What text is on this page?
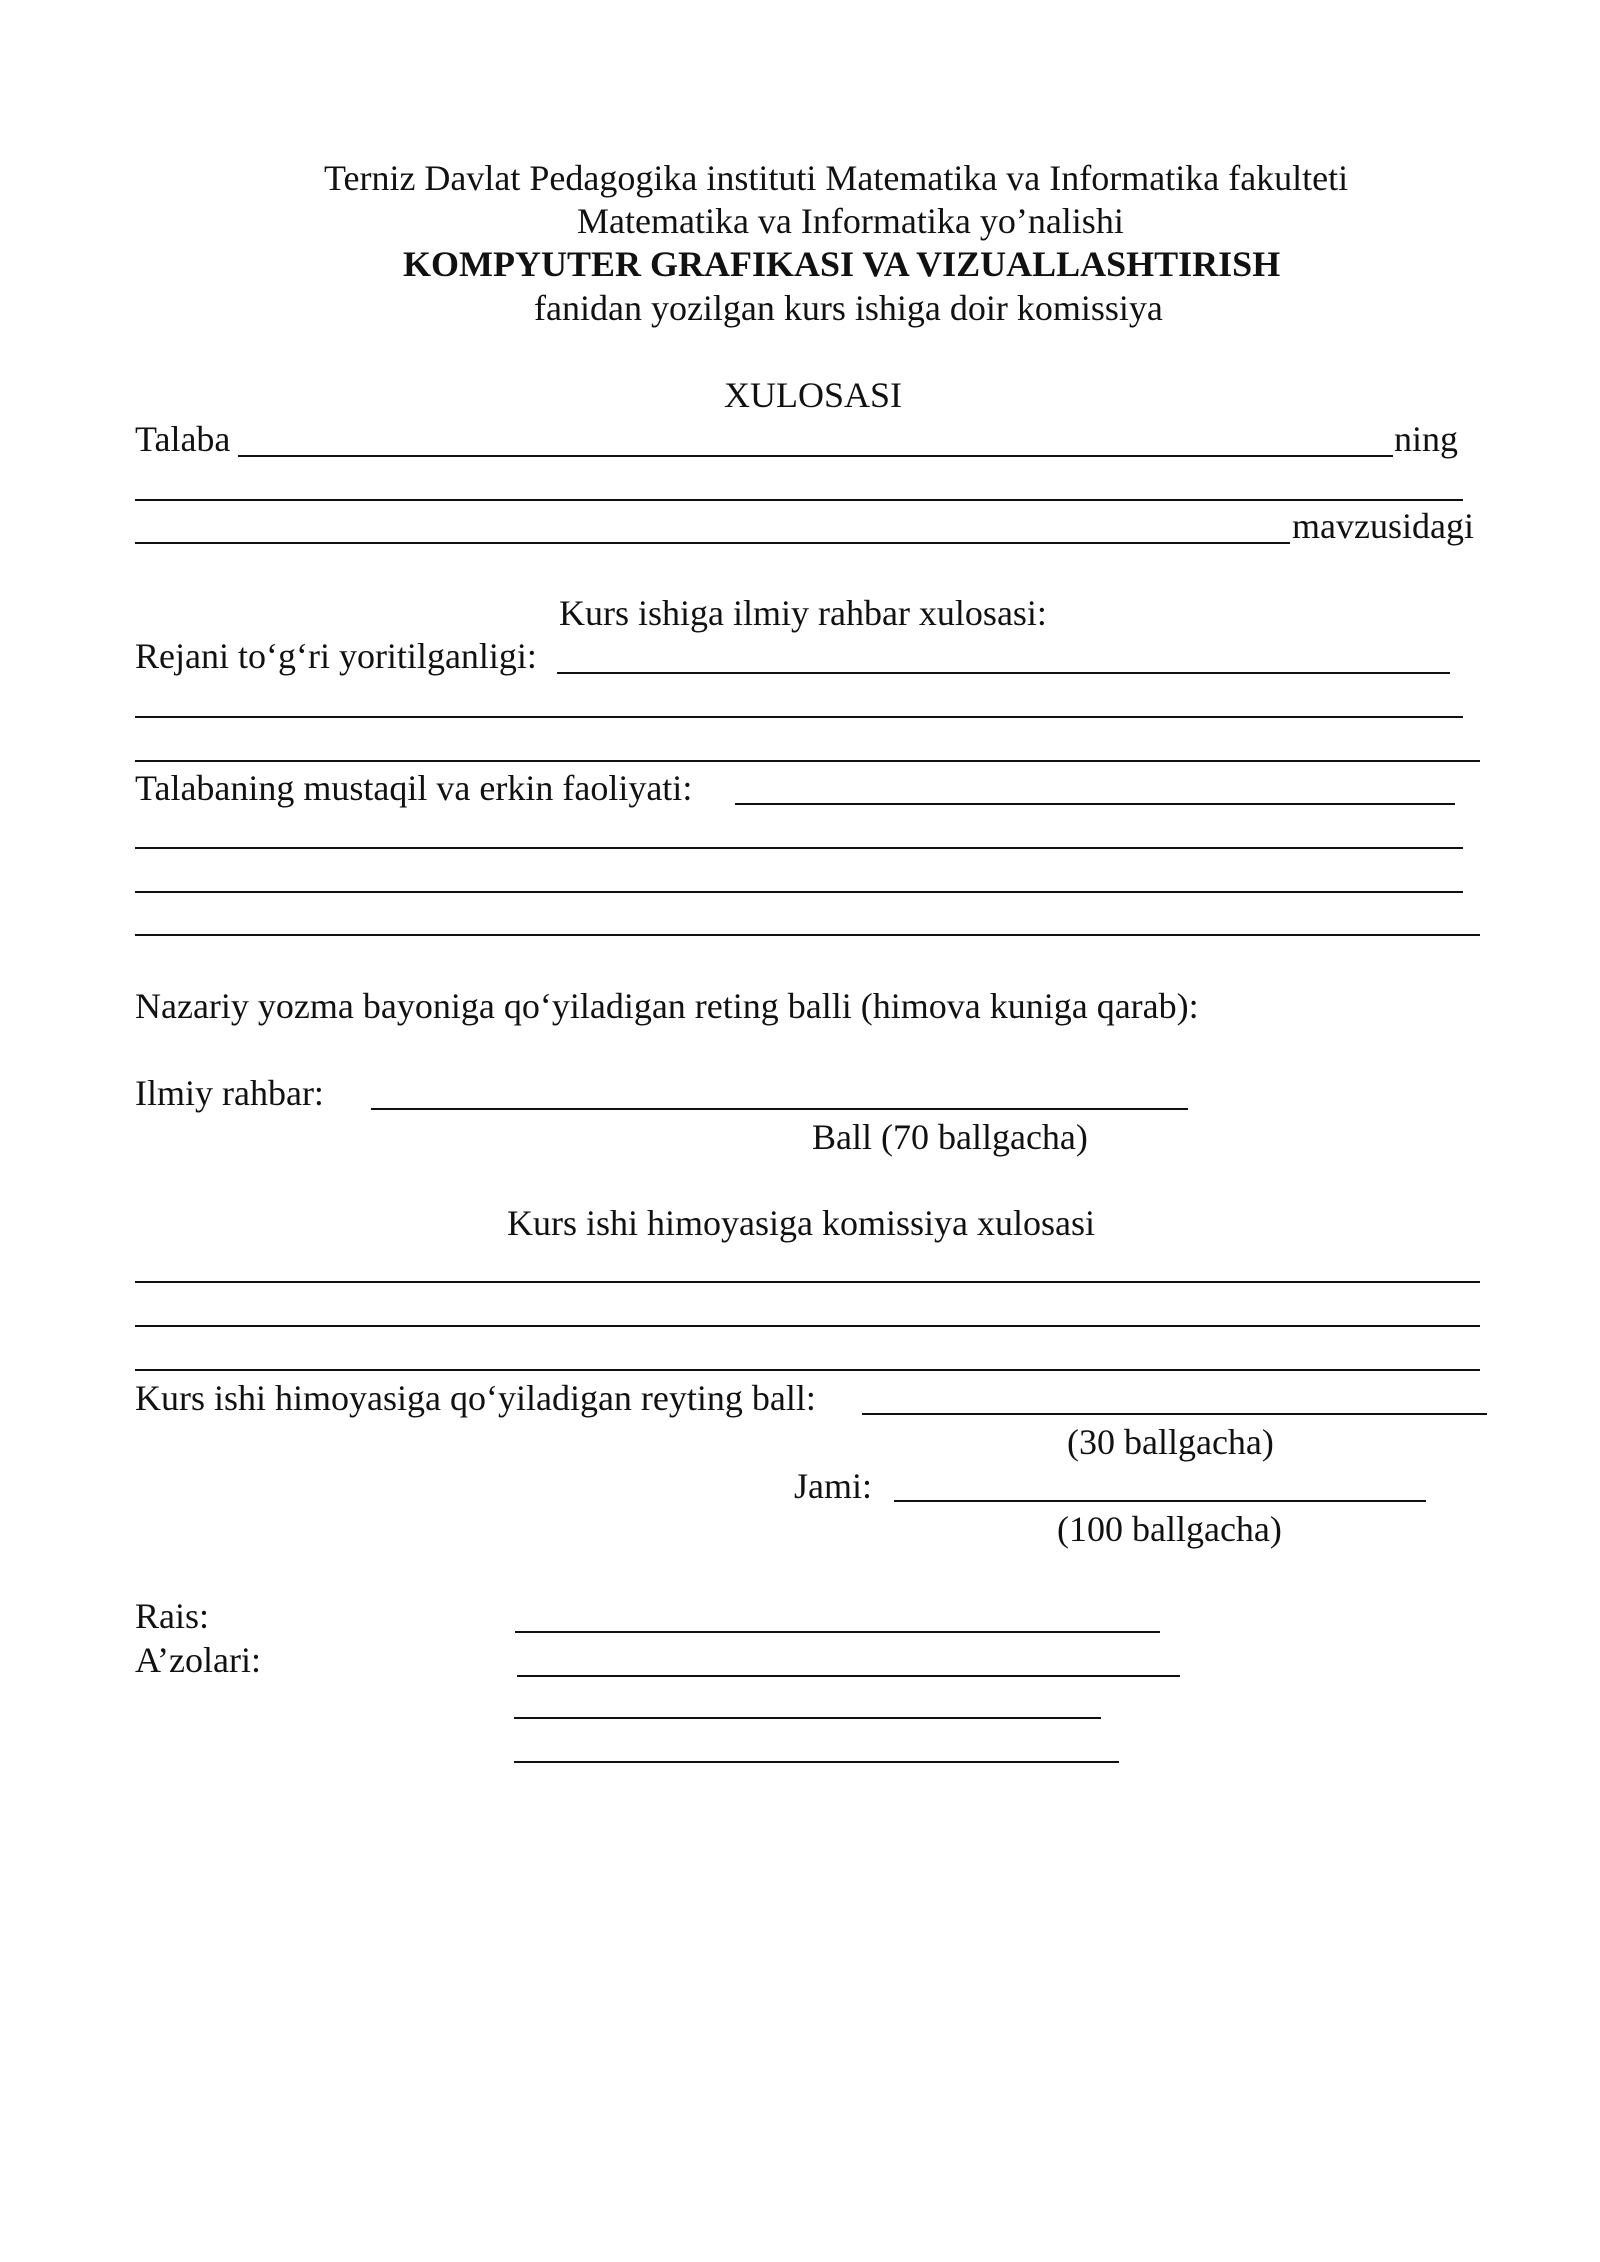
Terniz Davlat Pedagogika instituti Matematika va Informatika fakulteti
Matematika va Informatika yo’nalishi
KOMPYUTER GRAFIKASI VA VIZUALLASHTIRISH
fanidan yozilgan kurs ishiga doir komissiya
XULOSASI
Talaba	ning
mavzusidagi
Kurs ishiga ilmiy rahbar xulosasi:
Rejani to‘g‘ri yoritilganligi:
Talabaning mustaqil va erkin faoliyati:
Nazariy yozma bayoniga qo‘yiladigan reting balli (himova kuniga qarab):
Ilmiy rahbar:
Ball (70 ballgacha)
Kurs ishi himoyasiga komissiya xulosasi
Kurs ishi himoyasiga qo‘yiladigan reyting ball:
(30 ballgacha)
Jami:
(100 ballgacha)
Rais:
A’zolari:
